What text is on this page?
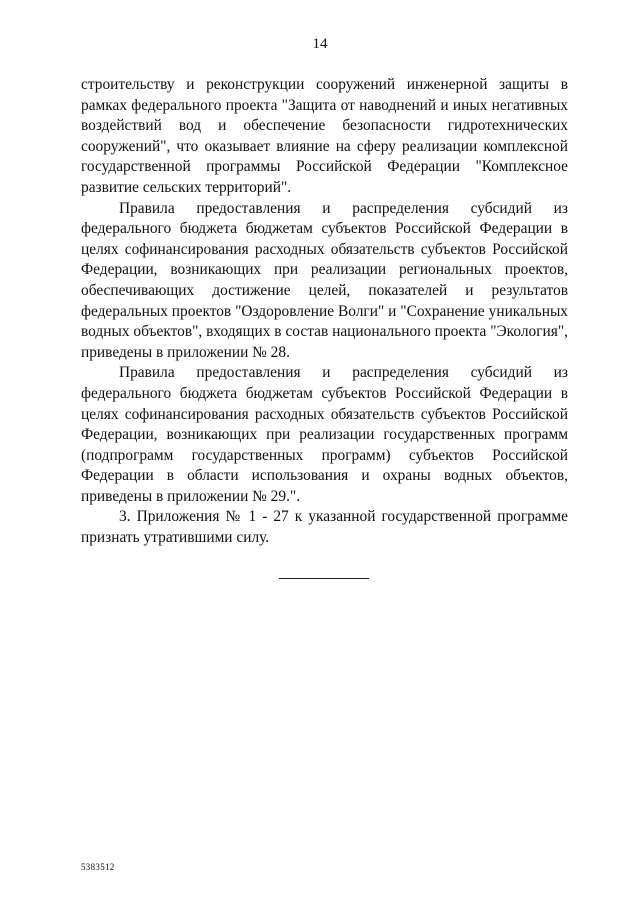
14

строительству и реконструкции сооружений инженерной защиты в рамках федерального проекта "Защита от наводнений и иных негативных воздействий вод и обеспечение безопасности гидротехнических сооружений", что оказывает влияние на сферу реализации комплексной государственной программы Российской Федерации "Комплексное развитие сельских территорий".

Правила предоставления и распределения субсидий из федерального бюджета бюджетам субъектов Российской Федерации в целях софинансирования расходных обязательств субъектов Российской Федерации, возникающих при реализации региональных проектов, обеспечивающих достижение целей, показателей и результатов федеральных проектов "Оздоровление Волги" и "Сохранение уникальных водных объектов", входящих в состав национального проекта "Экология", приведены в приложении № 28.

Правила предоставления и распределения субсидий из федерального бюджета бюджетам субъектов Российской Федерации в целях софинансирования расходных обязательств субъектов Российской Федерации, возникающих при реализации государственных программ (подпрограмм государственных программ) субъектов Российской Федерации в области использования и охраны водных объектов, приведены в приложении № 29.".

3. Приложения № 1 - 27 к указанной государственной программе признать утратившими силу.

5383512
